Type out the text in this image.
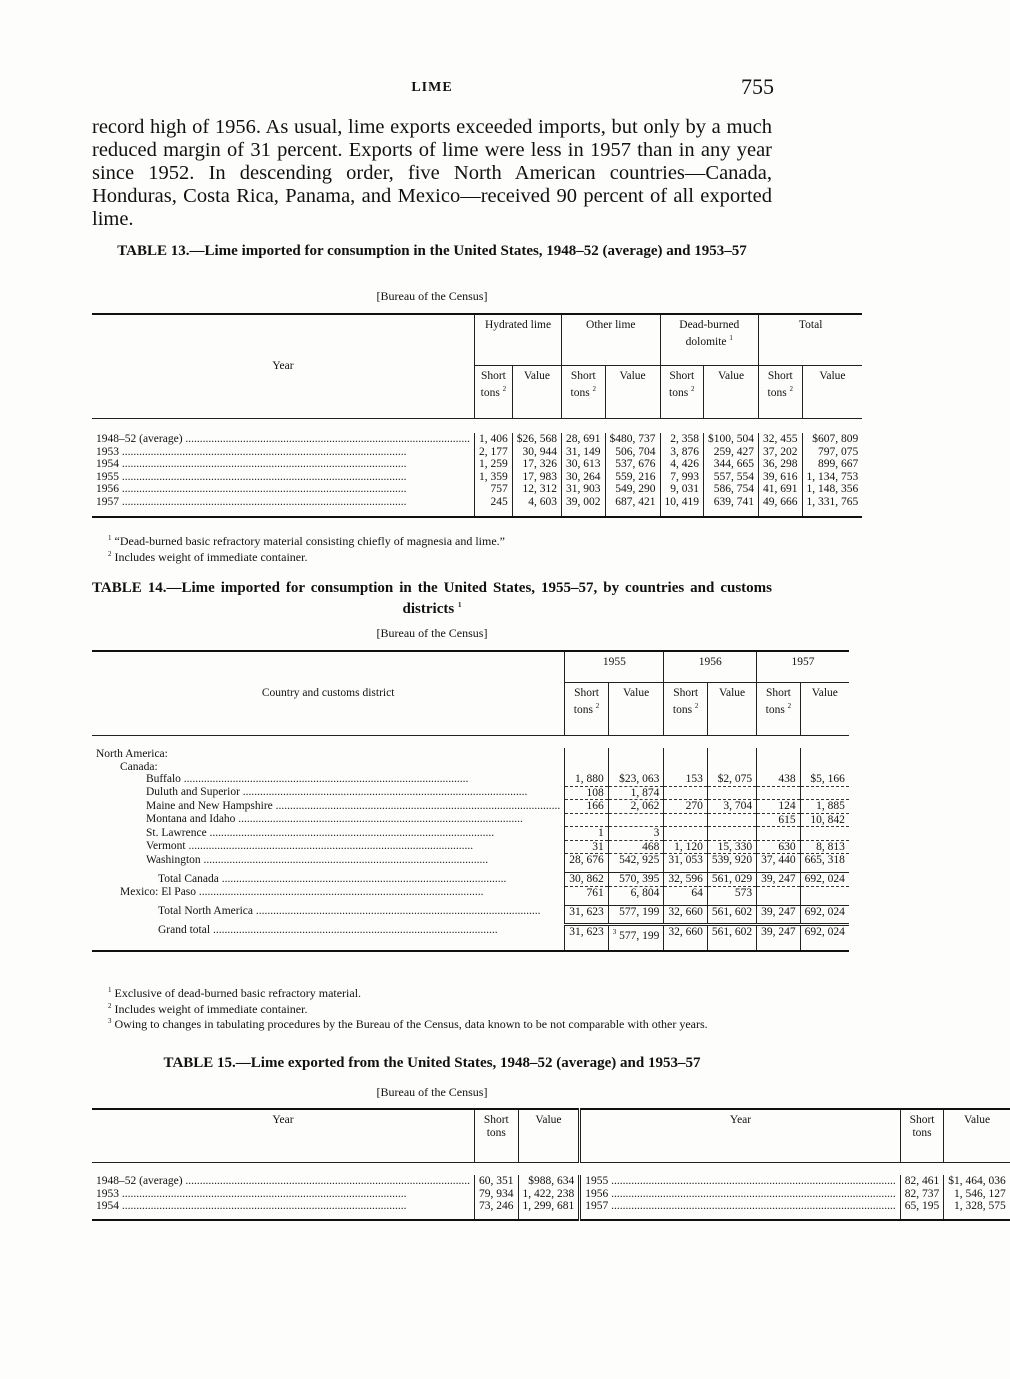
LIME	755

record high of 1956. As usual, lime exports exceeded imports, but only by a much reduced margin of 31 percent. Exports of lime were less in 1957 than in any year since 1952. In descending order, five North American countries—Canada, Honduras, Costa Rica, Panama, and Mexico—received 90 percent of all exported lime.

TABLE 13.—Lime imported for consumption in the United States, 1948–52 (average) and 1953–57
[Bureau of the Census]
Year	Hydrated lime		Other lime		Dead-burned dolomite $^1$		Total	
	Short tons $^2$	Value	Short tons $^2$	Value	Short tons $^2$	Value	Short tons $^2$	Value

1948–52 (average) .....	1, 406	$26, 568	28, 691	$480, 737	2, 358	$100, 504	32, 455	$607, 809
1953 .....	2, 177	30, 944	31, 149	506, 704	3, 876	259, 427	37, 202	797, 075
1954 .....	1, 259	17, 326	30, 613	537, 676	4, 426	344, 665	36, 298	899, 667
1955 .....	1, 359	17, 983	30, 264	559, 216	7, 993	557, 554	39, 616	1, 134, 753
1956 .....	757	12, 312	31, 903	549, 290	9, 031	586, 754	41, 691	1, 148, 356
1957 .....	245	4, 603	39, 002	687, 421	10, 419	639, 741	49, 666	1, 331, 765

$^1$ “Dead-burned basic refractory material consisting chiefly of magnesia and lime.”

$^2$ Includes weight of immediate container.

TABLE 14.—Lime imported for consumption in the United States, 1955–57, by countries and customs districts $^1$
[Bureau of the Census]
Country and customs district	1955		1956		1957	
	Short tons $^2$	Value	Short tons $^2$	Value	Short tons $^2$	Value

North America:						
Canada:						
Buffalo .....	1, 880	$23, 063	153	$2, 075	438	$5, 166
Duluth and Superior .....	108	1, 874				
Maine and New Hampshire .....	166	2, 062	270	3, 704	124	1, 885
Montana and Idaho .....					615	10, 842
St. Lawrence .....	1	3				
Vermont .....	31	468	1, 120	15, 330	630	8, 813
Washington .....	28, 676	542, 925	31, 053	539, 920	37, 440	665, 318

Total Canada .....	30, 862	570, 395	32, 596	561, 029	39, 247	692, 024
Mexico: El Paso .....	761	6, 804	64	573		

Total North America .....	31, 623	577, 199	32, 660	561, 602	39, 247	692, 024

Grand total .....	31, 623	$^3$ 577, 199	32, 660	561, 602	39, 247	692, 024

$^1$ Exclusive of dead-burned basic refractory material.

$^2$ Includes weight of immediate container.

$^3$ Owing to changes in tabulating procedures by the Bureau of the Census, data known to be not comparable with other years.

TABLE 15.—Lime exported from the United States, 1948–52 (average) and 1953–57
[Bureau of the Census]
Year	Short tons	Value	Year	Short tons	Value

1948–52 (average) .....	60, 351	$988, 634	1955 .....	82, 461	$1, 464, 036
1953 .....	79, 934	1, 422, 238	1956 .....	82, 737	1, 546, 127
1954 .....	73, 246	1, 299, 681	1957 .....	65, 195	1, 328, 575
